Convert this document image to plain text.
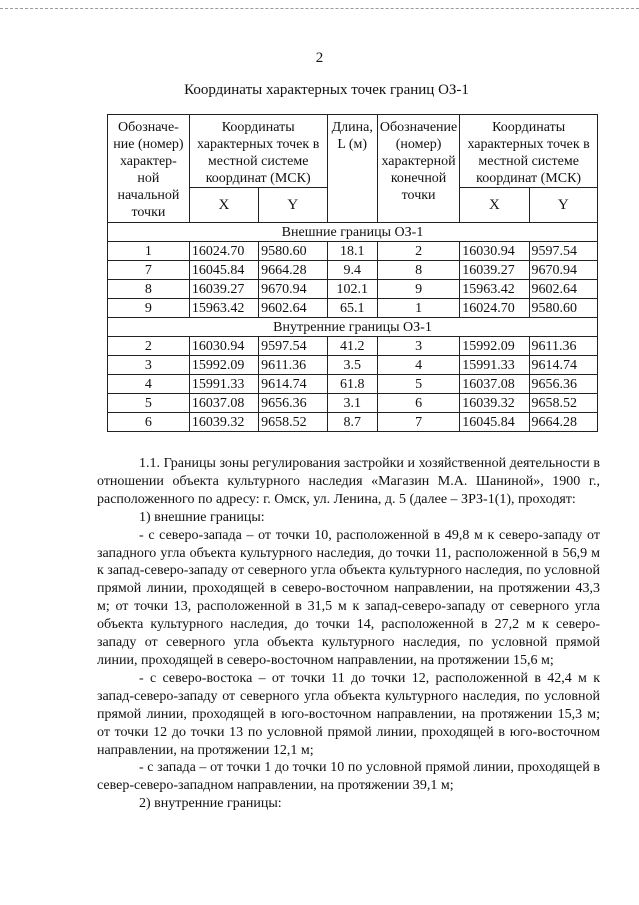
2
Координаты характерных точек границ ОЗ-1
Обозначе-ние (номер) характер-ной начальной точки	Координаты характерных точек в местной системе координат (МСК)		Длина, L (м)	Обозначение (номер) характерной конечной точки	Координаты характерных точек в местной системе координат (МСК)	
	X	Y			X	Y
Внешние границы ОЗ-1						
1	16024.70	9580.60	18.1	2	16030.94	9597.54
7	16045.84	9664.28	9.4	8	16039.27	9670.94
8	16039.27	9670.94	102.1	9	15963.42	9602.64
9	15963.42	9602.64	65.1	1	16024.70	9580.60
Внутренние границы ОЗ-1						
2	16030.94	9597.54	41.2	3	15992.09	9611.36
3	15992.09	9611.36	3.5	4	15991.33	9614.74
4	15991.33	9614.74	61.8	5	16037.08	9656.36
5	16037.08	9656.36	3.1	6	16039.32	9658.52
6	16039.32	9658.52	8.7	7	16045.84	9664.28

1.1. Границы зоны регулирования застройки и хозяйственной деятельности в отношении объекта культурного наследия «Магазин М.А. Шаниной», 1900 г., расположенного по адресу: г. Омск, ул. Ленина, д. 5 (далее – ЗРЗ-1(1), проходят:

1) внешние границы:

- с северо-запада – от точки 10, расположенной в 49,8 м к северо-западу от западного угла объекта культурного наследия, до точки 11, расположенной в 56,9 м к запад-северо-западу от северного угла объекта культурного наследия, по условной прямой линии, проходящей в северо-восточном направлении, на протяжении 43,3 м; от точки 13, расположенной в 31,5 м к запад-северо-западу от северного угла объекта культурного наследия, до точки 14, расположенной в 27,2 м к северо-западу от северного угла объекта культурного наследия, по условной прямой линии, проходящей в северо-восточном направлении, на протяжении 15,6 м;

- с северо-востока – от точки 11 до точки 12, расположенной в 42,4 м к запад-северо-западу от северного угла объекта культурного наследия, по условной прямой линии, проходящей в юго-восточном направлении, на протяжении 15,3 м; от точки 12 до точки 13 по условной прямой линии, проходящей в юго-восточном направлении, на протяжении 12,1 м;

- с запада – от точки 1 до точки 10 по условной прямой линии, проходящей в север-северо-западном направлении, на протяжении 39,1 м;

2) внутренние границы:
